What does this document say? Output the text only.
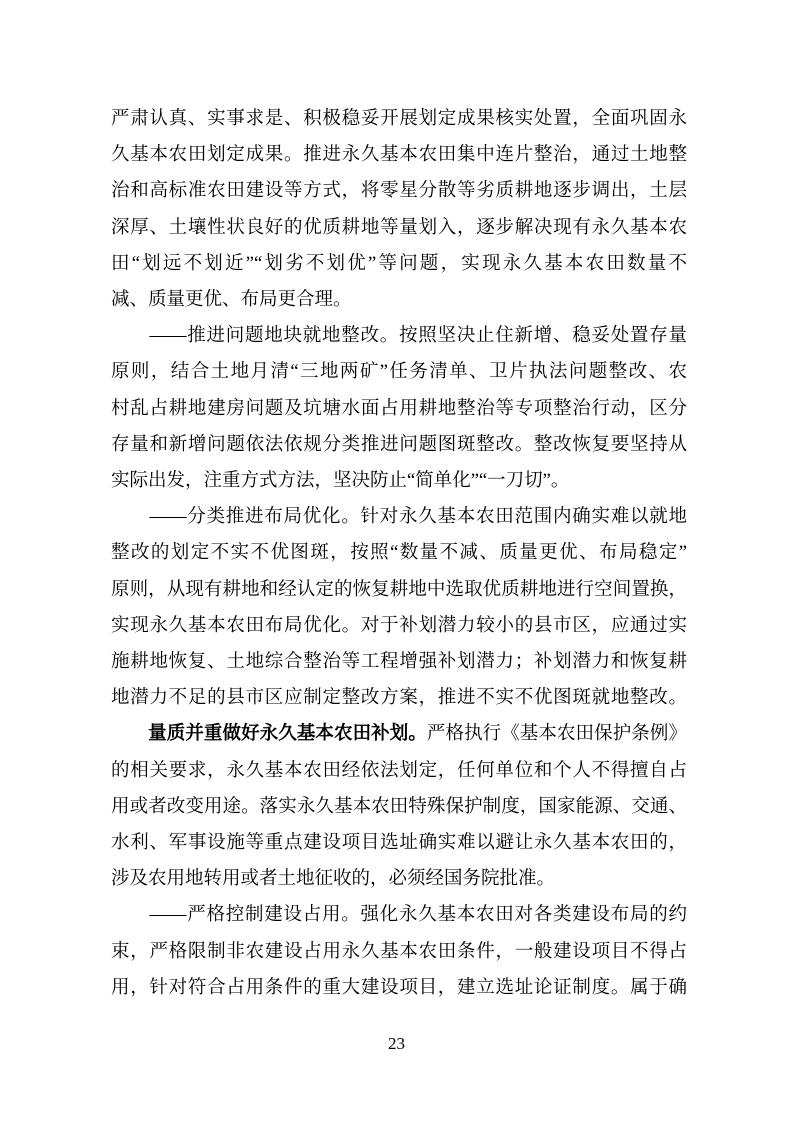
严肃认真、实事求是、积极稳妥开展划定成果核实处置，全面巩固永
久基本农田划定成果。推进永久基本农田集中连片整治，通过土地整
治和高标准农田建设等方式，将零星分散等劣质耕地逐步调出，土层
深厚、土壤性状良好的优质耕地等量划入，逐步解决现有永久基本农
田“划远不划近”“划劣不划优”等问题，实现永久基本农田数量不
减、质量更优、布局更合理。
　　——推进问题地块就地整改。按照坚决止住新增、稳妥处置存量
原则，结合土地月清“三地两矿”任务清单、卫片执法问题整改、农
村乱占耕地建房问题及坑塘水面占用耕地整治等专项整治行动，区分
存量和新增问题依法依规分类推进问题图斑整改。整改恢复要坚持从
实际出发，注重方式方法，坚决防止“简单化”“一刀切”。
　　——分类推进布局优化。针对永久基本农田范围内确实难以就地
整改的划定不实不优图斑，按照“数量不减、质量更优、布局稳定”
原则，从现有耕地和经认定的恢复耕地中选取优质耕地进行空间置换，
实现永久基本农田布局优化。对于补划潜力较小的县市区，应通过实
施耕地恢复、土地综合整治等工程增强补划潜力；补划潜力和恢复耕
地潜力不足的县市区应制定整改方案，推进不实不优图斑就地整改。
　　量质并重做好永久基本农田补划。严格执行《基本农田保护条例》
的相关要求，永久基本农田经依法划定，任何单位和个人不得擅自占
用或者改变用途。落实永久基本农田特殊保护制度，国家能源、交通、
水利、军事设施等重点建设项目选址确实难以避让永久基本农田的，
涉及农用地转用或者土地征收的，必须经国务院批准。
　　——严格控制建设占用。强化永久基本农田对各类建设布局的约
束，严格限制非农建设占用永久基本农田条件，一般建设项目不得占
用，针对符合占用条件的重大建设项目，建立选址论证制度。属于确
23
